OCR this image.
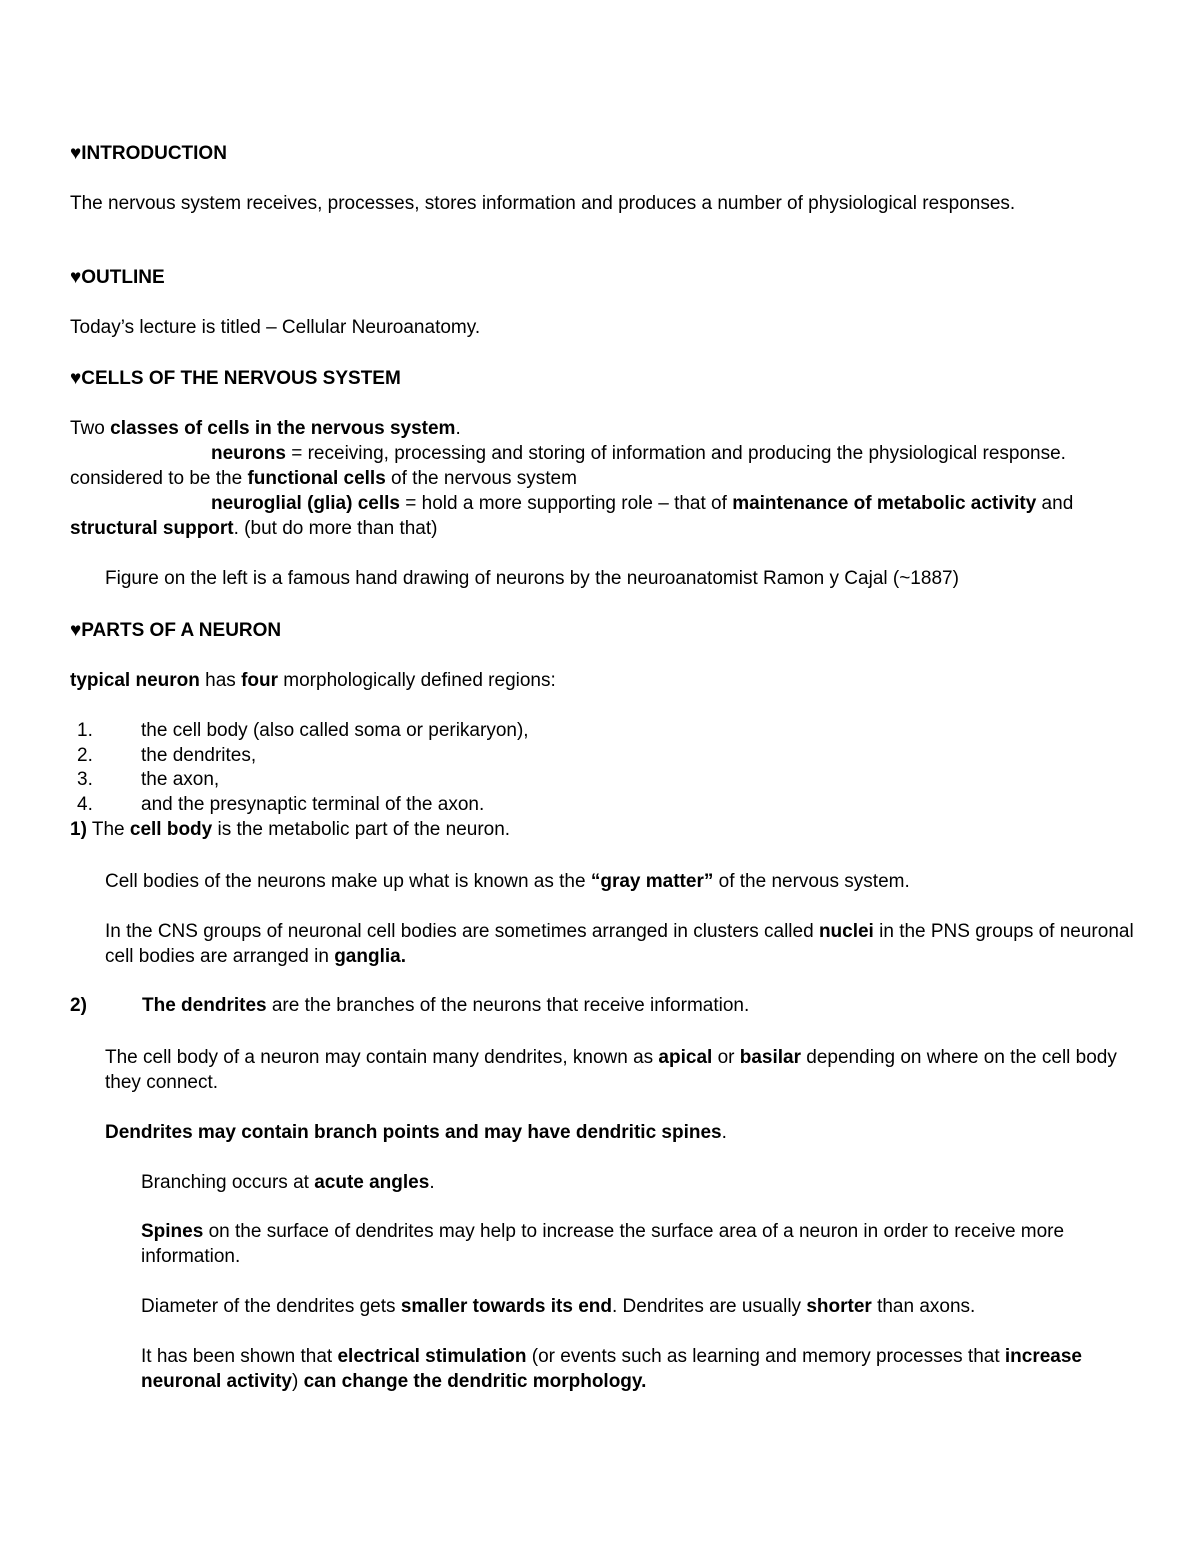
♥INTRODUCTION

The nervous system receives, processes, stores information and produces a number of physiological responses.

♥OUTLINE

Today’s lecture is titled – Cellular Neuroanatomy.

♥CELLS OF THE NERVOUS SYSTEM

Two classes of cells in the nervous system.
neurons = receiving, processing and storing of information and producing the physiological response. considered to be the functional cells of the nervous system
neuroglial (glia) cells = hold a more supporting role – that of maintenance of metabolic activity and structural support. (but do more than that)

Figure on the left is a famous hand drawing of neurons by the neuroanatomist Ramon y Cajal (~1887)

♥PARTS OF A NEURON

typical neuron has four morphologically defined regions:

1.	the cell body (also called soma or perikaryon),
2.	the dendrites,
3.	the axon,
4.	and the presynaptic terminal of the axon.

1) The cell body is the metabolic part of the neuron.

Cell bodies of the neurons make up what is known as the “gray matter” of the nervous system.

In the CNS groups of neuronal cell bodies are sometimes arranged in clusters called nuclei in the PNS groups of neuronal cell bodies are arranged in ganglia.

2)	The dendrites are the branches of the neurons that receive information.

The cell body of a neuron may contain many dendrites, known as apical or basilar depending on where on the cell body they connect.

Dendrites may contain branch points and may have dendritic spines.

Branching occurs at acute angles.

Spines on the surface of dendrites may help to increase the surface area of a neuron in order to receive more information.

Diameter of the dendrites gets smaller towards its end. Dendrites are usually shorter than axons.

It has been shown that electrical stimulation (or events such as learning and memory processes that increase neuronal activity) can change the dendritic morphology.
